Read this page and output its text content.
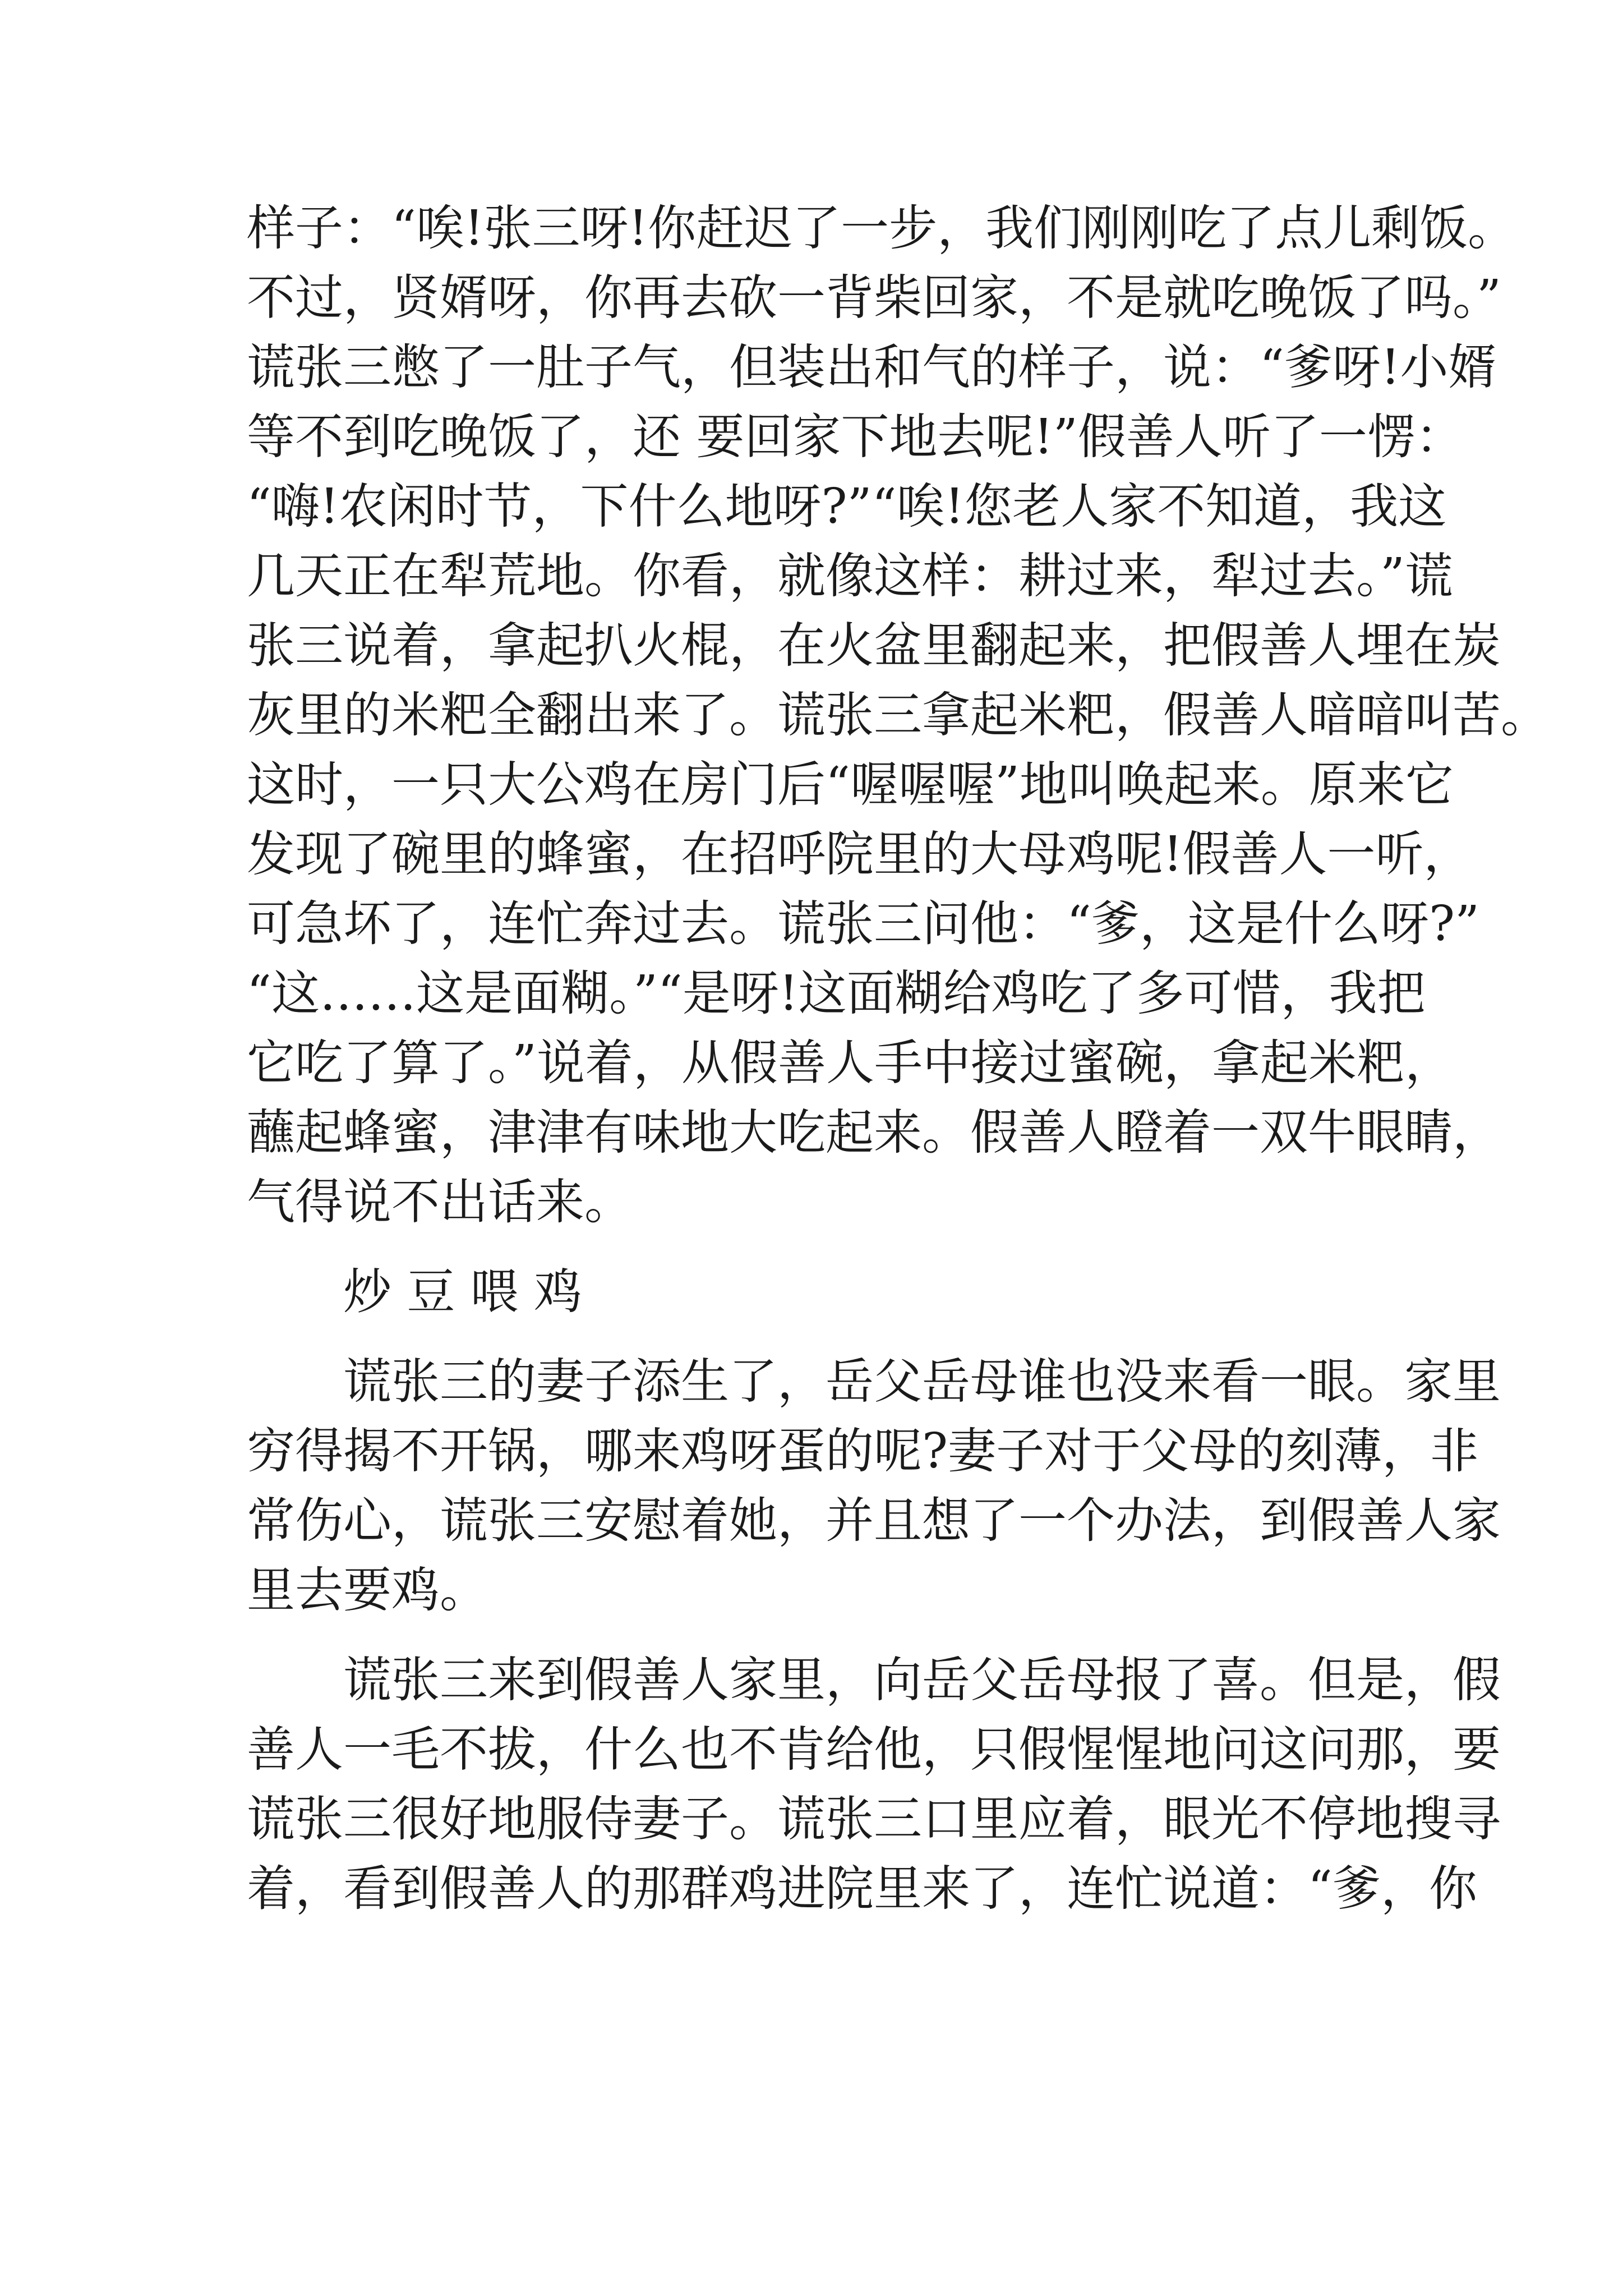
样子：“唉!张三呀!你赶迟了一步，我们刚刚吃了点儿剩饭。
不过，贤婿呀，你再去砍一背柴回家，不是就吃晚饭了吗。”
谎张三憋了一肚子气，但装出和气的样子，说：“爹呀!小婿
等不到吃晚饭了，还 要回家下地去呢!”假善人听了一愣：
“嗨!农闲时节，下什么地呀?”“唉!您老人家不知道，我这
几天正在犁荒地。你看，就像这样：耕过来，犁过去。”谎
张三说着，拿起扒火棍，在火盆里翻起来，把假善人埋在炭
灰里的米粑全翻出来了。谎张三拿起米粑，假善人暗暗叫苦。
这时，一只大公鸡在房门后“喔喔喔”地叫唤起来。原来它
发现了碗里的蜂蜜，在招呼院里的大母鸡呢!假善人一听，
可急坏了，连忙奔过去。谎张三问他：“爹，这是什么呀?”
“这……这是面糊。”“是呀!这面糊给鸡吃了多可惜，我把
它吃了算了。”说着，从假善人手中接过蜜碗，拿起米粑，
蘸起蜂蜜，津津有味地大吃起来。假善人瞪着一双牛眼睛，
气得说不出话来。
炒 豆 喂 鸡
谎张三的妻子添生了，岳父岳母谁也没来看一眼。家里
穷得揭不开锅，哪来鸡呀蛋的呢?妻子对于父母的刻薄，非
常伤心，谎张三安慰着她，并且想了一个办法，到假善人家
里去要鸡。
谎张三来到假善人家里，向岳父岳母报了喜。但是，假
善人一毛不拔，什么也不肯给他，只假惺惺地问这问那，要
谎张三很好地服侍妻子。谎张三口里应着，眼光不停地搜寻
着，看到假善人的那群鸡进院里来了，连忙说道：“爹，你
